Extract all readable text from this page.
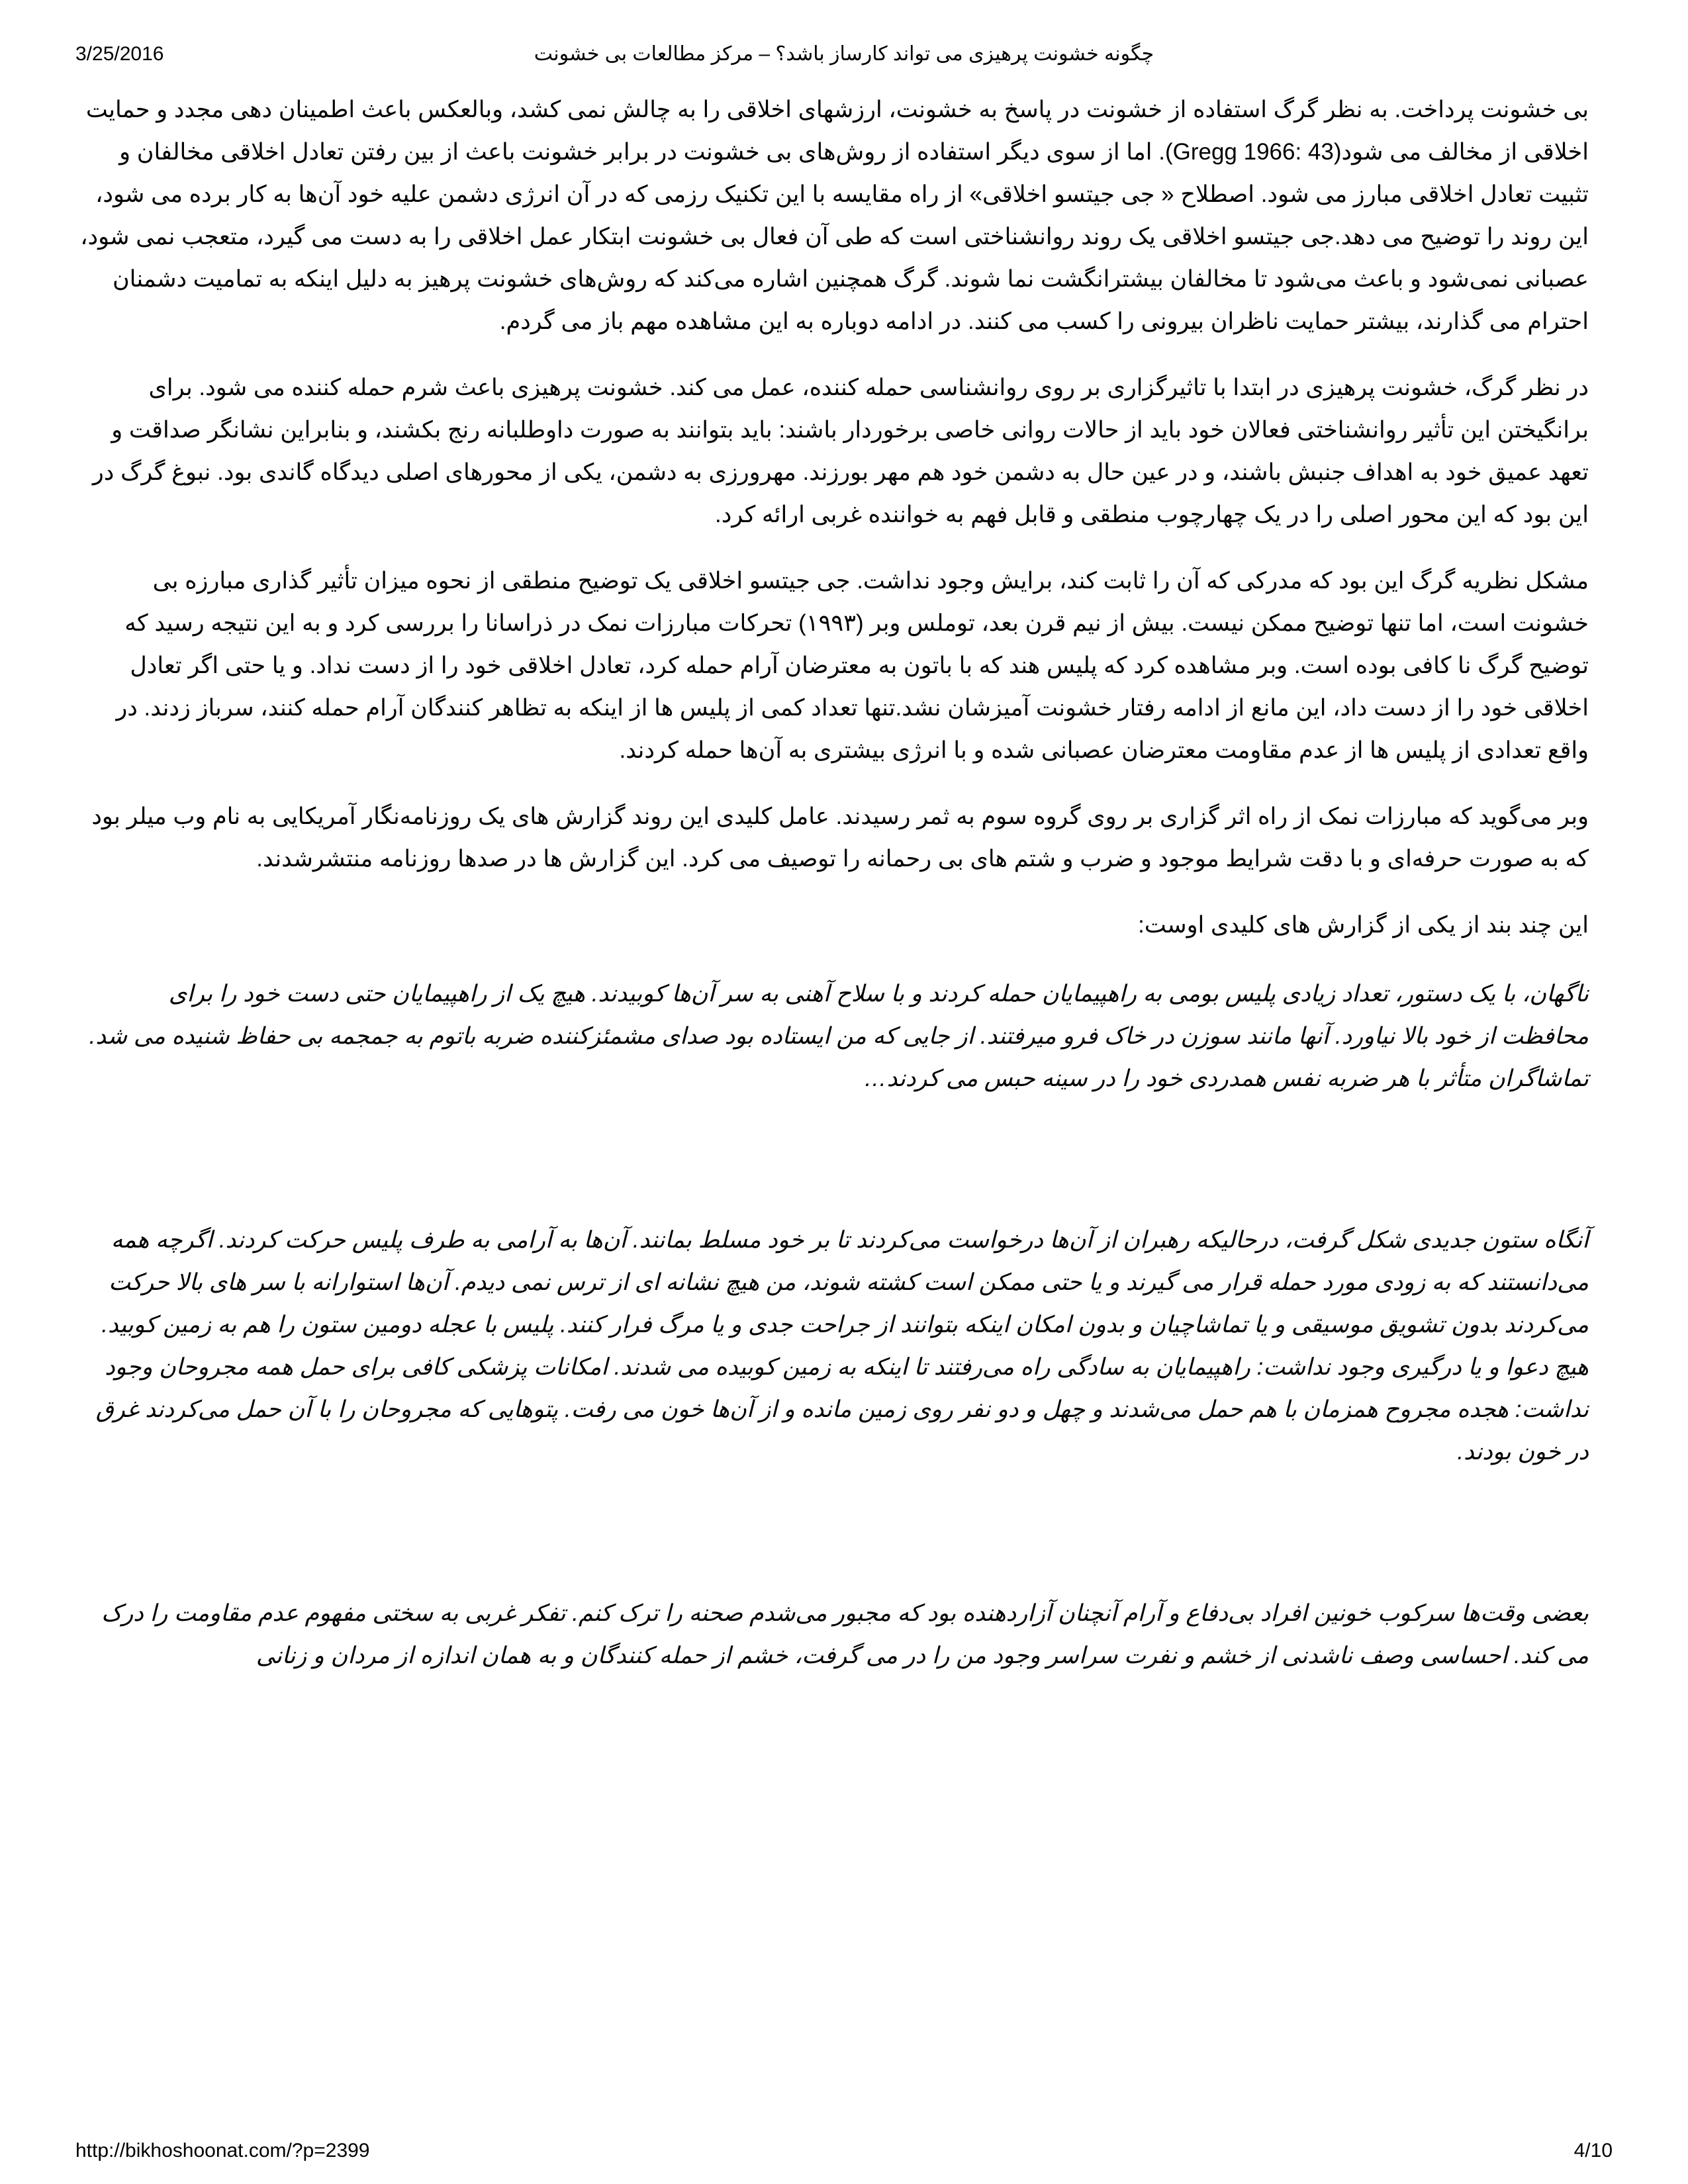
3/25/2016	چگونه خشونت پرهیزی می تواند کارساز باشد؟ – مرکز مطالعات بی خشونت

بی خشونت پرداخت. به نظر گرگ استفاده از خشونت در پاسخ به خشونت، ارزشهای اخلاقی را به چالش نمی کشد، وبالعکس باعث اطمینان دهی مجدد و حمایت اخلاقی از مخالف می شود(Gregg 1966: 43). اما از سوی دیگر استفاده از روش‌های بی خشونت در برابر خشونت باعث از بین رفتن تعادل اخلاقی مخالفان و تثبیت تعادل اخلاقی مبارز می شود. اصطلاح « جی جیتسو اخلاقی» از راه مقایسه با این تکنیک رزمی که در آن انرژی دشمن علیه خود آن‌ها به کار برده می شود، این روند را توضیح می دهد.جی جیتسو اخلاقی یک روند روانشناختی است که طی آن فعال بی خشونت ابتکار عمل اخلاقی را به دست می گیرد، متعجب نمی شود، عصبانی نمی‌شود و باعث می‌شود تا مخالفان بیشترانگشت نما شوند. گرگ همچنین اشاره می‌کند که روش‌های خشونت پرهیز به دلیل اینکه به تمامیت دشمنان احترام می گذارند، بیشتر حمایت ناظران بیرونی را کسب می کنند. در ادامه دوباره به این مشاهده مهم باز می گردم.

در نظر گرگ، خشونت پرهیزی در ابتدا با تاثیرگزاری بر روی روانشناسی حمله کننده، عمل می کند. خشونت پرهیزی باعث شرم حمله کننده می شود. برای برانگیختن این تأثیر روانشناختی فعالان خود باید از حالات روانی خاصی برخوردار باشند: باید بتوانند به صورت داوطلبانه رنج بکشند، و بنابراین نشانگر صداقت و تعهد عمیق خود به اهداف جنبش باشند، و در عین حال به دشمن خود هم مهر بورزند. مهرورزی به دشمن، یکی از محورهای اصلی دیدگاه گاندی بود. نبوغ گرگ در این بود که این محور اصلی را در یک چهارچوب منطقی و قابل فهم به خواننده غربی ارائه کرد.

مشکل نظریه گرگ این بود که مدرکی که آن را ثابت کند، برایش وجود نداشت. جی جیتسو اخلاقی یک توضیح منطقی از نحوه میزان تأثیر گذاری مبارزه بی خشونت است، اما تنها توضیح ممکن نیست. بیش از نیم قرن بعد، توملس وبر (۱۹۹۳) تحرکات مبارزات نمک در ذراسانا را بررسی کرد و به این نتیجه رسید که توضیح گرگ نا کافی بوده است. وبر مشاهده کرد که پلیس هند که با باتون به معترضان آرام حمله کرد، تعادل اخلاقی خود را از دست نداد. و یا حتی اگر تعادل اخلاقی خود را از دست داد، این مانع از ادامه رفتار خشونت آمیزشان نشد.تنها تعداد کمی از پلیس ها از اینکه به تظاهر کنندگان آرام حمله کنند، سرباز زدند. در واقع تعدادی از پلیس ها از عدم مقاومت معترضان عصبانی شده و با انرژی بیشتری به آن‌ها حمله کردند.

وبر می‌گوید که مبارزات نمک از راه اثر گزاری بر روی گروه سوم به ثمر رسیدند. عامل کلیدی این روند گزارش های یک روزنامه‌نگار آمریکایی به نام وب میلر بود که به صورت حرفه‌ای و با دقت شرایط موجود و ضرب و شتم های بی رحمانه را توصیف می کرد. این گزارش ها در صدها روزنامه منتشرشدند.

این چند بند از یکی از گزارش های کلیدی اوست:

ناگهان، با یک دستور، تعداد زیادی پلیس بومی به راهپیمایان حمله کردند و با سلاح آهنی به سر آن‌ها کوبیدند. هیچ یک از راهپیمایان حتی دست خود را برای محافظت از خود بالا نیاورد. آنها مانند سوزن در خاک فرو میرفتند. از جایی که من ایستاده بود صدای مشمئزکننده ضربه باتوم به جمجمه بی حفاظ شنیده می شد. تماشاگران متأثر با هر ضربه نفس همدردی خود را در سینه حبس می کردند…

آنگاه ستون جدیدی شکل گرفت، درحالیکه رهبران از آن‌ها درخواست می‌کردند تا بر خود مسلط بمانند. آن‌ها به آرامی به طرف پلیس حرکت کردند. اگرچه همه می‌دانستند که به زودی مورد حمله قرار می گیرند و یا حتی ممکن است کشته شوند، من هیچ نشانه ای از ترس نمی دیدم. آن‌ها استوارانه با سر های بالا حرکت می‌کردند بدون تشویق موسیقی و یا تماشاچیان و بدون امکان اینکه بتوانند از جراحت جدی و یا مرگ فرار کنند. پلیس با عجله دومین ستون را هم به زمین کوبید. هیچ دعوا و یا درگیری وجود نداشت: راهپیمایان به سادگی راه می‌رفتند تا اینکه به زمین کوبیده می شدند. امکانات پزشکی کافی برای حمل همه مجروحان وجود نداشت: هجده مجروح همزمان با هم حمل می‌شدند و چهل و دو نفر روی زمین مانده و از آن‌ها خون می رفت. پتوهایی که مجروحان را با آن حمل می‌کردند غرق در خون بودند.

بعضی وقت‌ها سرکوب خونین افراد بی‌دفاع و آرام آنچنان آزاردهنده بود که مجبور می‌شدم صحنه را ترک کنم. تفکر غربی به سختی مفهوم عدم مقاومت را درک می کند. احساسی وصف ناشدنی از خشم و نفرت سراسر وجود من را در می گرفت، خشم از حمله کنندگان و به همان اندازه از مردان و زنانی

http://bikhoshoonat.com/?p=2399	4/10
